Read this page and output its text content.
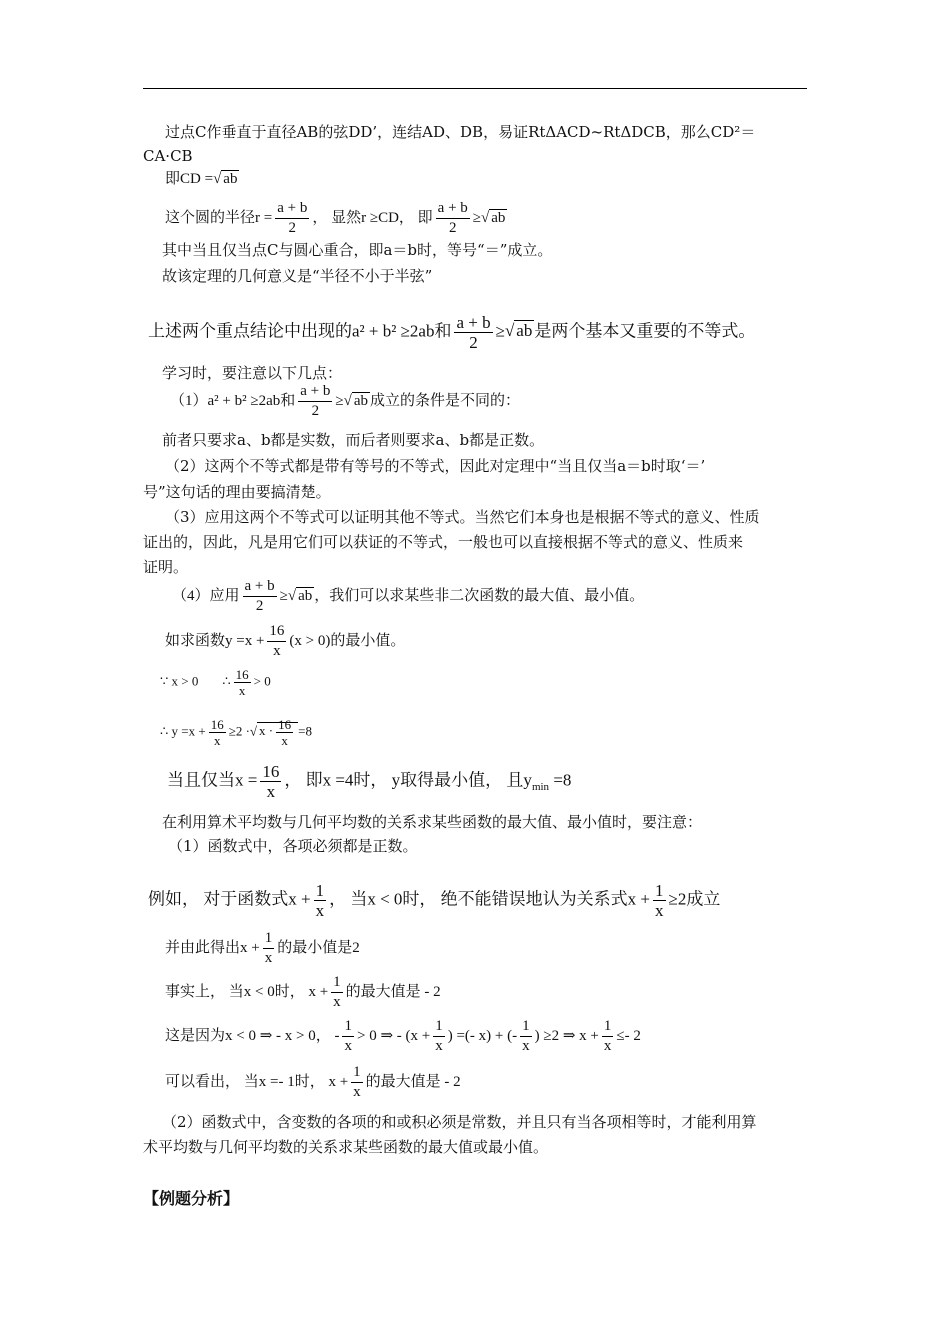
过点C作垂直于直径AB的弦DD’，连结AD、DB，易证RtΔACD~RtΔDCB，那么CD²＝
CA·CB
即CD =√ ab
这个圆的半径$r = \frac{a + b}{2}$ ， 显然r ≥CD， 即 $\frac{a + b}{2}$ ≥√ ab
其中当且仅当点C与圆心重合，即a＝b时，等号“＝”成立。
故该定理的几何意义是“半径不小于半弦”
上述两个重点结论中出现的a² + b² ≥2ab和 $\frac{a + b}{2}$ ≥√ ab 是两个基本又重要的不等式。
学习时，要注意以下几点：
（1）a² + b² ≥2ab和 $\frac{a + b}{2}$ ≥√ ab 成立的条件是不同的：
前者只要求a、b都是实数，而后者则要求a、b都是正数。
（2）这两个不等式都是带有等号的不等式，因此对定理中“当且仅当a＝b时取‘＝’
号”这句话的理由要搞清楚。
（3）应用这两个不等式可以证明其他不等式。当然它们本身也是根据不等式的意义、性质
证出的，因此，凡是用它们可以获证的不等式，一般也可以直接根据不等式的意义、性质来
证明。
（4）应用 $\frac{a + b}{2}$ ≥√ ab ，我们可以求某些非二次函数的最大值、最小值。
如求函数$y =x + \frac{16}{x} (x > 0)$的最小值。
∵ x > 0 ∴ $\frac{16}{x} > 0$
∴ $y =x + \frac{16}{x} \ge 2$ ·√ $x \cdot \frac{16}{x} =8$
当且仅当$x = \frac{16}{x}$ ， 即x =4时， y取得最小值， 且$y_{min} =8$
在利用算术平均数与几何平均数的关系求某些函数的最大值、最小值时，要注意：
（1）函数式中，各项必须都是正数。
例如， 对于函数式$x + \frac{1}{x}$ ， 当x < 0时， 绝不能错误地认为关系式$x + \frac{1}{x} \ge 2$成立
并由此得出$x + \frac{1}{x}$ 的最小值是2
事实上， 当x < 0时， $x + \frac{1}{x}$ 的最大值是 - 2
这是因为x < 0 ⇒ - x > 0， - $\frac{1}{x} > 0$ ⇒ - ($x + \frac{1}{x}$ ) =(- x) + (- $\frac{1}{x}$ ) ≥2 ⇒ $x + \frac{1}{x} \le- 2$
可以看出， 当x =- 1时， $x + \frac{1}{x}$ 的最大值是 - 2
（2）函数式中，含变数的各项的和或积必须是常数，并且只有当各项相等时，才能利用算
术平均数与几何平均数的关系求某些函数的最大值或最小值。
【例题分析】
